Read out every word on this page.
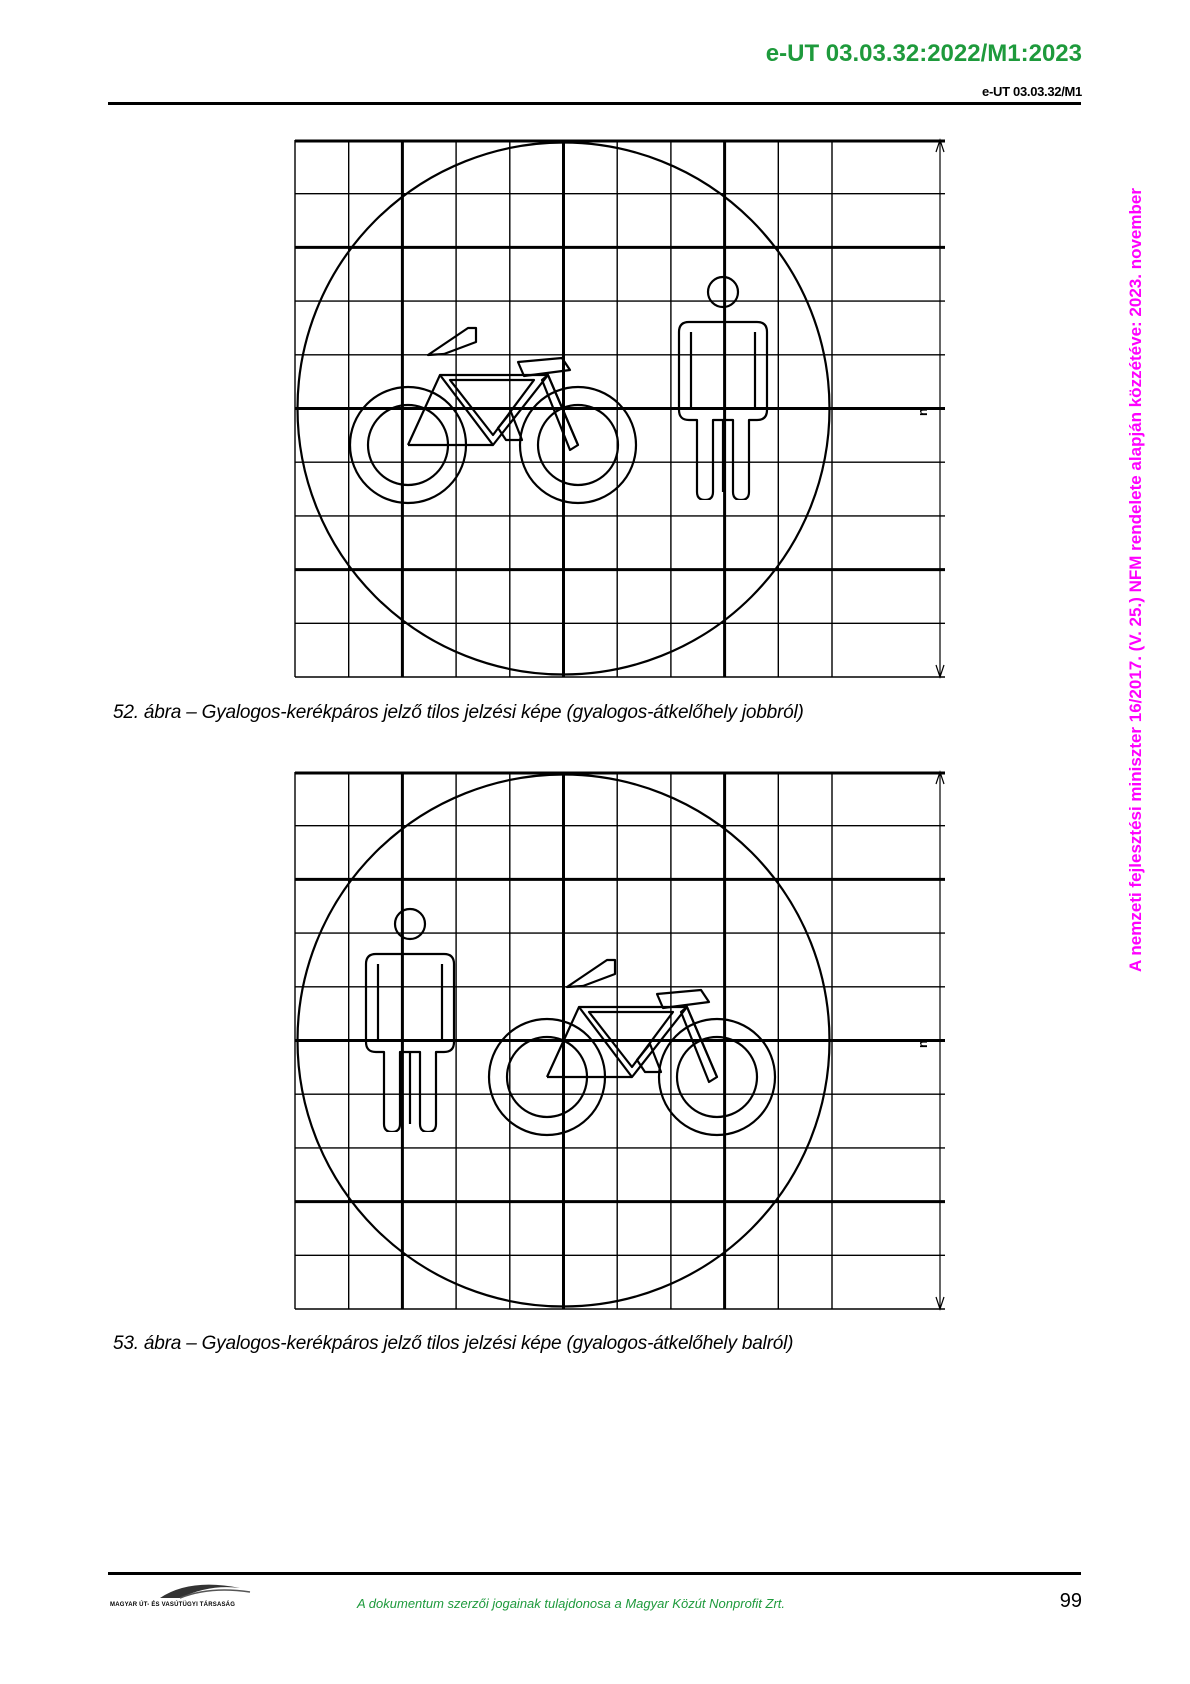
e-UT 03.03.32:2022/M1:2023
e-UT 03.03.32/M1
A nemzeti fejlesztési miniszter 16/2017. (V. 25.) NFM rendelete alapján közzétéve: 2023. november
n
52. ábra – Gyalogos-kerékpáros jelző tilos jelzési képe (gyalogos-átkelőhely jobbról)
n
53. ábra – Gyalogos-kerékpáros jelző tilos jelzési képe (gyalogos-átkelőhely balról)
MAGYAR ÚT- ÉS VASÚTÜGYI TÁRSASÁG	A dokumentum szerzői jogainak tulajdonosa a Magyar Közút Nonprofit Zrt.	99
